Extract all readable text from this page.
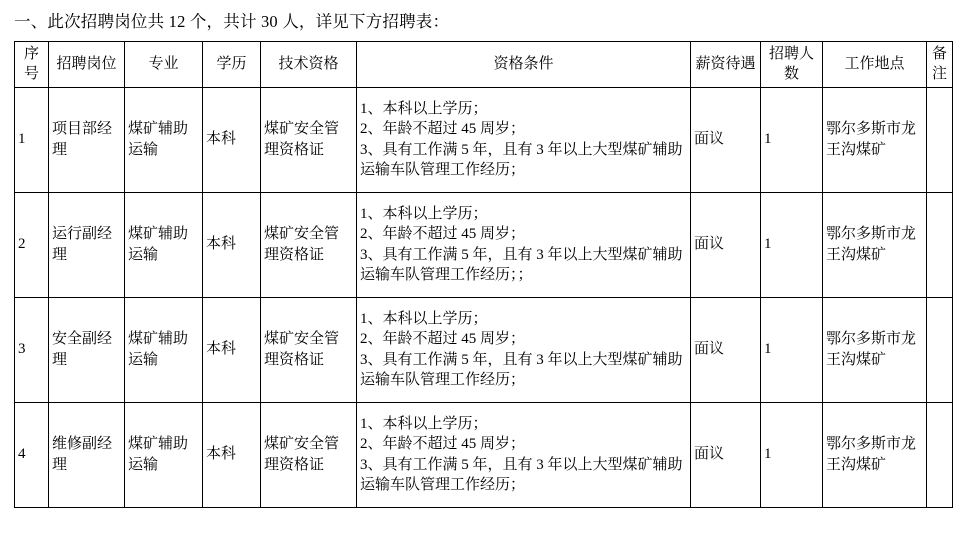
一、此次招聘岗位共 12 个，共计 30 人，详见下方招聘表：
序号	招聘岗位	专业	学历	技术资格	资格条件	薪资待遇	招聘人数	工作地点	备注
1	项目部经理	煤矿辅助运输	本科	煤矿安全管理资格证	1、本科以上学历；
2、年龄不超过 45 周岁；
3、具有工作满 5 年，且有 3 年以上大型煤矿辅助运输车队管理工作经历；	面议	1	鄂尔多斯市龙王沟煤矿	
2	运行副经理	煤矿辅助运输	本科	煤矿安全管理资格证	1、本科以上学历；
2、年龄不超过 45 周岁；
3、具有工作满 5 年，且有 3 年以上大型煤矿辅助运输车队管理工作经历；；	面议	1	鄂尔多斯市龙王沟煤矿	
3	安全副经理	煤矿辅助运输	本科	煤矿安全管理资格证	1、本科以上学历；
2、年龄不超过 45 周岁；
3、具有工作满 5 年，且有 3 年以上大型煤矿辅助运输车队管理工作经历；	面议	1	鄂尔多斯市龙王沟煤矿	
4	维修副经理	煤矿辅助运输	本科	煤矿安全管理资格证	1、本科以上学历；
2、年龄不超过 45 周岁；
3、具有工作满 5 年，且有 3 年以上大型煤矿辅助运输车队管理工作经历；	面议	1	鄂尔多斯市龙王沟煤矿	
